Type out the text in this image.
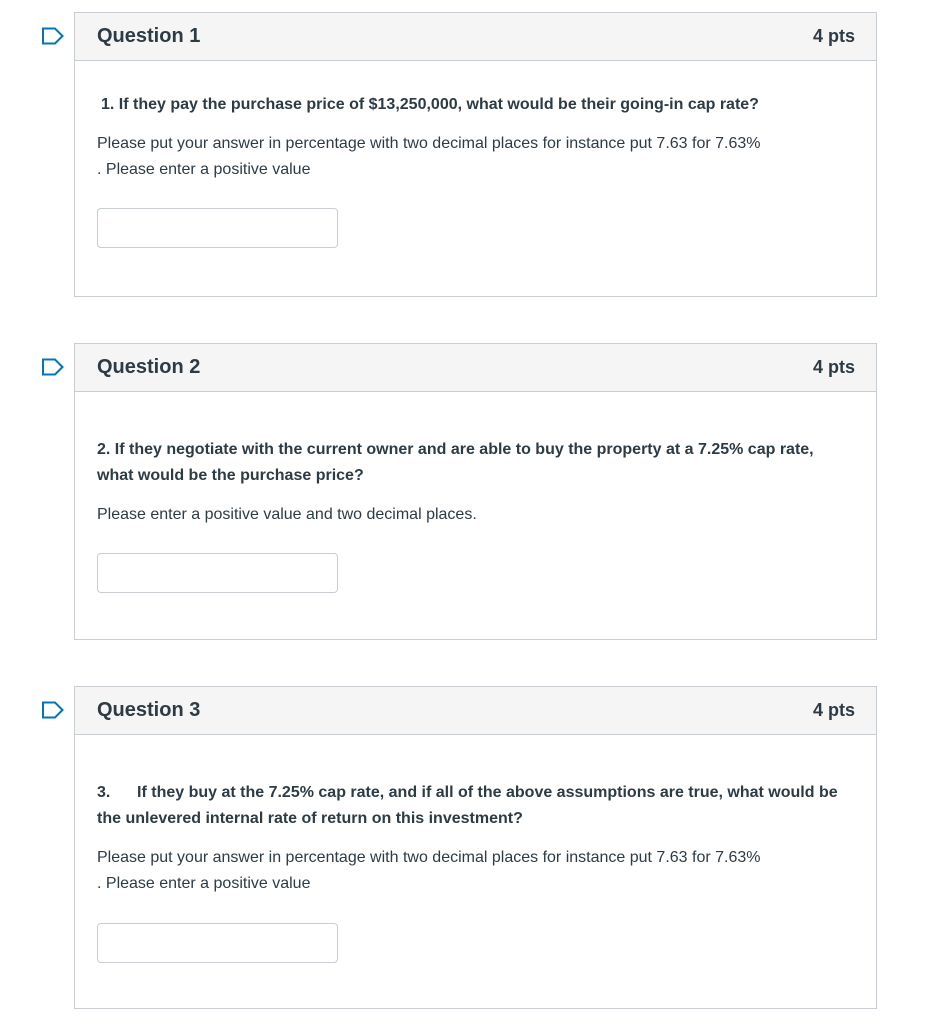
Question 1	4 pts

1. If they pay the purchase price of $13,250,000, what would be their going-in cap rate?

Please put your answer in percentage with two decimal places for instance put 7.63 for 7.63%

. Please enter a positive value

Question 2	4 pts

2. If they negotiate with the current owner and are able to buy the property at a 7.25% cap rate,

what would be the purchase price?

Please enter a positive value and two decimal places.

Question 3	4 pts

3.      If they buy at the 7.25% cap rate, and if all of the above assumptions are true, what would be

the unlevered internal rate of return on this investment?

Please put your answer in percentage with two decimal places for instance put 7.63 for 7.63%

. Please enter a positive value
